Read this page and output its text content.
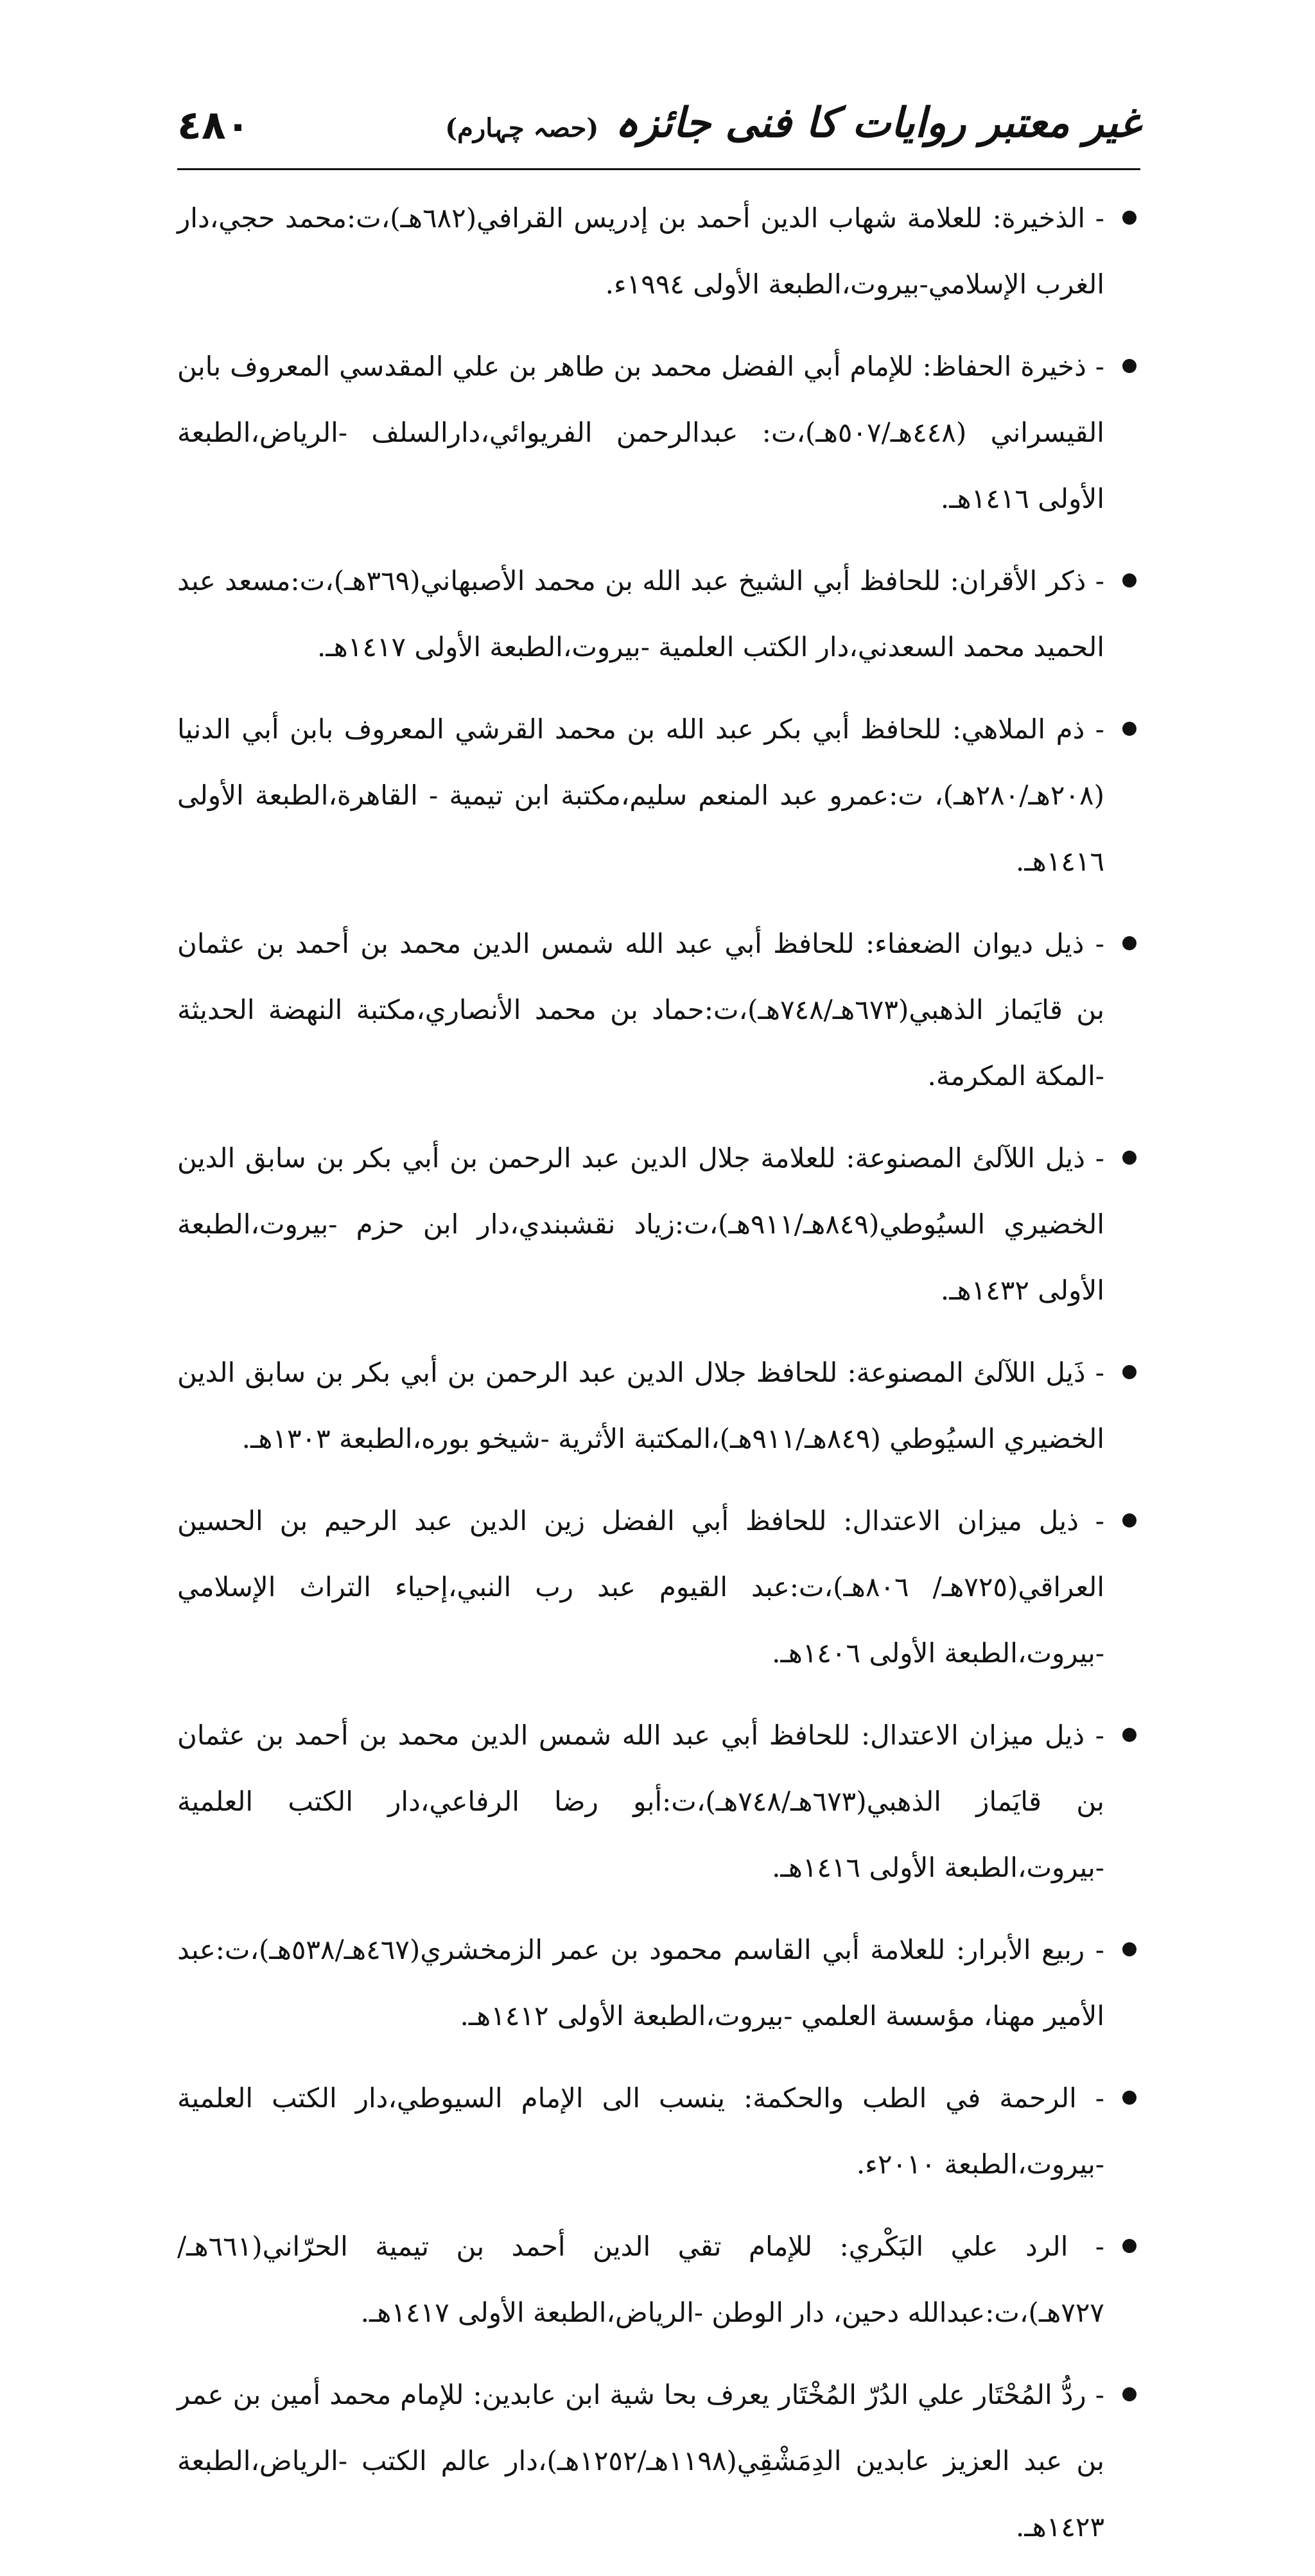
٤٨٠	غیر معتبر روایات کا فنی جائزہ (حصہ چہارم)
- الذخيرة: للعلامة شهاب الدين أحمد بن إدريس القرافي(٦٨٢هـ)،ت:محمد حجي،دار الغرب الإسلامي-بيروت،الطبعة الأولى ١٩٩٤ء.
- ذخيرة الحفاظ: للإمام أبي الفضل محمد بن طاهر بن علي المقدسي المعروف بابن القيسراني (٤٤٨هـ/٥٠٧هـ)،ت: عبدالرحمن الفريوائي،دارالسلف -الرياض،الطبعة الأولى ١٤١٦هـ.
- ذكر الأقران: للحافظ أبي الشيخ عبد الله بن محمد الأصبهاني(٣٦٩هـ)،ت:مسعد عبد الحميد محمد السعدني،دار الكتب العلمية -بيروت،الطبعة الأولى ١٤١٧هـ.
- ذم الملاهي: للحافظ أبي بكر عبد الله بن محمد القرشي المعروف بابن أبي الدنيا (٢٠٨هـ/٢٨٠هـ)، ت:عمرو عبد المنعم سليم،مكتبة ابن تيمية - القاهرة،الطبعة الأولى ١٤١٦هـ.
- ذيل ديوان الضعفاء: للحافظ أبي عبد الله شمس الدين محمد بن أحمد بن عثمان بن قايَماز الذهبي(٦٧٣هـ/٧٤٨هـ)،ت:حماد بن محمد الأنصاري،مكتبة النهضة الحديثة -المكة المكرمة.
- ذيل اللآلئ المصنوعة: للعلامة جلال الدين عبد الرحمن بن أبي بكر بن سابق الدين الخضيري السيُوطي(٨٤٩هـ/٩١١هـ)،ت:زياد نقشبندي،دار ابن حزم -بيروت،الطبعة الأولى ١٤٣٢هـ.
- ذَيل اللآلئ المصنوعة: للحافظ جلال الدين عبد الرحمن بن أبي بكر بن سابق الدين الخضيري السيُوطي (٨٤٩هـ/٩١١هـ)،المكتبة الأثرية -شيخو بوره،الطبعة ١٣٠٣هـ.
- ذيل ميزان الاعتدال: للحافظ أبي الفضل زين الدين عبد الرحيم بن الحسين العراقي(٧٢٥هـ/ ٨٠٦هـ)،ت:عبد القيوم عبد رب النبي،إحياء التراث الإسلامي -بيروت،الطبعة الأولى ١٤٠٦هـ.
- ذيل ميزان الاعتدال: للحافظ أبي عبد الله شمس الدين محمد بن أحمد بن عثمان بن قايَماز الذهبي(٦٧٣هـ/٧٤٨هـ)،ت:أبو رضا الرفاعي،دار الكتب العلمية -بيروت،الطبعة الأولى ١٤١٦هـ.
- ربيع الأبرار: للعلامة أبي القاسم محمود بن عمر الزمخشري(٤٦٧هـ/٥٣٨هـ)،ت:عبد الأمير مهنا، مؤسسة العلمي -بيروت،الطبعة الأولى ١٤١٢هـ.
- الرحمة في الطب والحكمة: ينسب الى الإمام السيوطي،دار الكتب العلمية -بيروت،الطبعة ٢٠١٠ء.
- الرد علي البَكْري: للإمام تقي الدين أحمد بن تيمية الحرّاني(٦٦١هـ/٧٢٧هـ)،ت:عبدالله دحين، دار الوطن -الرياض،الطبعة الأولى ١٤١٧هـ.
- ردُّ المُحْتَار علي الدُرّ المُخْتَار يعرف بحا شية ابن عابدين: للإمام محمد أمين بن عمر بن عبد العزيز عابدين الدِمَشْقِي(١١٩٨هـ/١٢٥٢هـ)،دار عالم الكتب -الرياض،الطبعة ١٤٢٣هـ.
